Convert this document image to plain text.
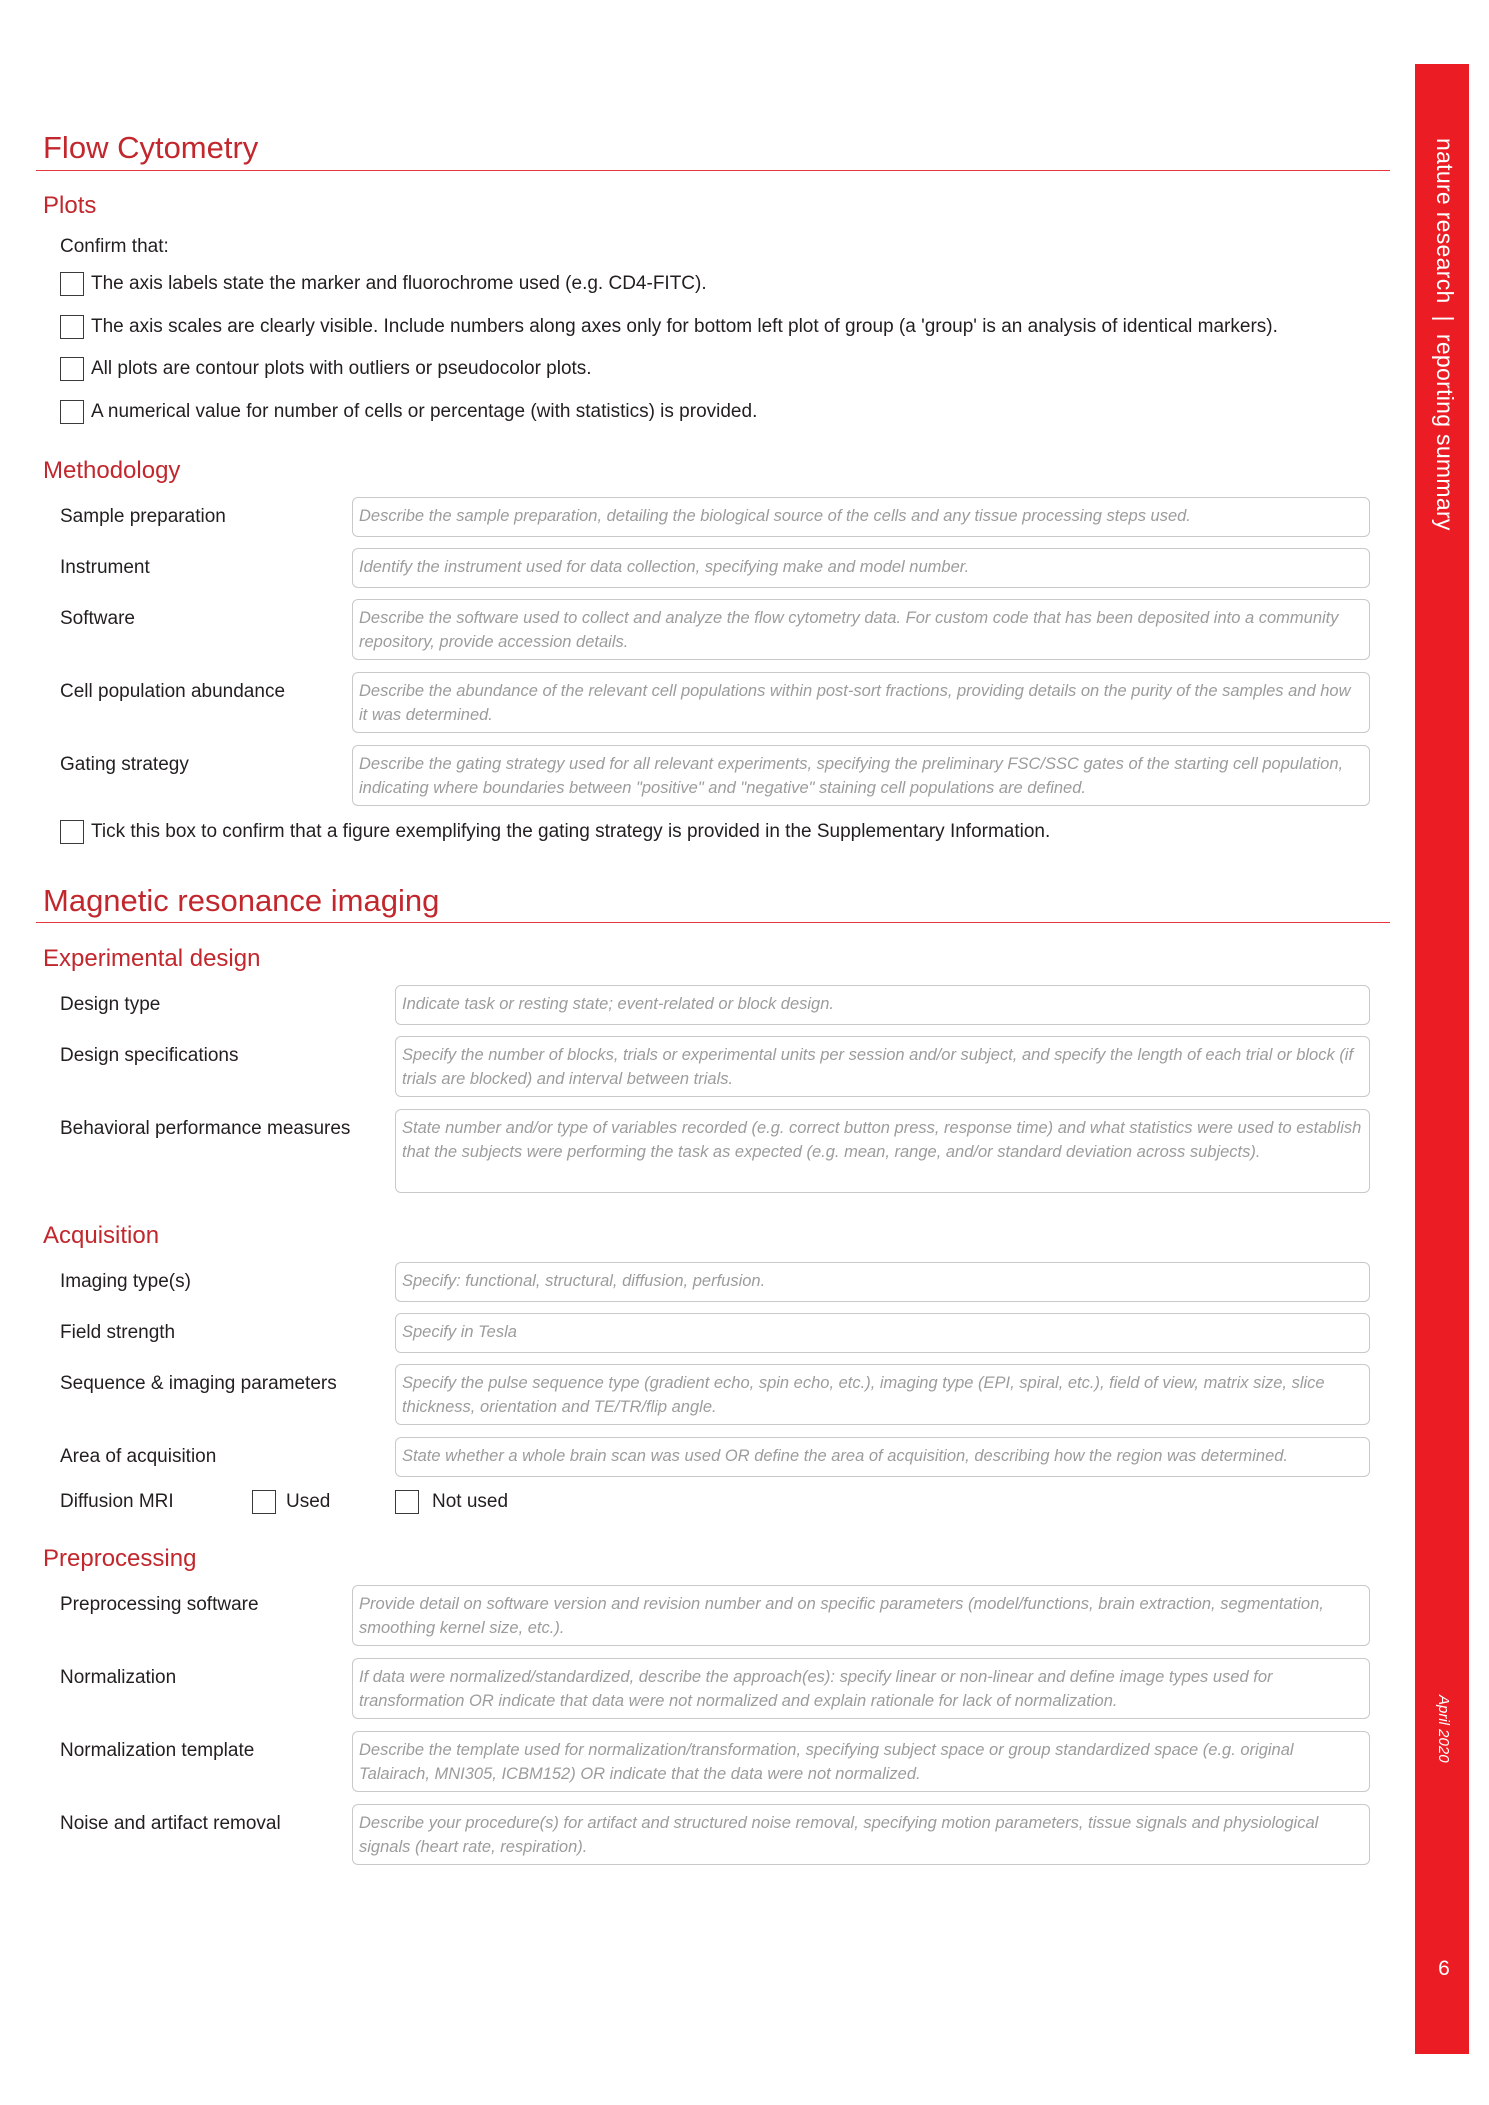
nature research|reporting summary
April 2020
6
Flow Cytometry
Plots
Confirm that:
The axis labels state the marker and fluorochrome used (e.g. CD4-FITC).
The axis scales are clearly visible. Include numbers along axes only for bottom left plot of group (a 'group' is an analysis of identical markers).
All plots are contour plots with outliers or pseudocolor plots.
A numerical value for number of cells or percentage (with statistics) is provided.
Methodology
Sample preparation	Describe the sample preparation, detailing the biological source of the cells and any tissue processing steps used.
Instrument	Identify the instrument used for data collection, specifying make and model number.
Software	Describe the software used to collect and analyze the flow cytometry data. For custom code that has been deposited into a community repository, provide accession details.
Cell population abundance	Describe the abundance of the relevant cell populations within post-sort fractions, providing details on the purity of the samples and how it was determined.
Gating strategy	Describe the gating strategy used for all relevant experiments, specifying the preliminary FSC/SSC gates of the starting cell population, indicating where boundaries between "positive" and "negative" staining cell populations are defined.
Tick this box to confirm that a figure exemplifying the gating strategy is provided in the Supplementary Information.
Magnetic resonance imaging
Experimental design
Design type	Indicate task or resting state; event-related or block design.
Design specifications	Specify the number of blocks, trials or experimental units per session and/or subject, and specify the length of each trial or block (if trials are blocked) and interval between trials.
Behavioral performance measures	State number and/or type of variables recorded (e.g. correct button press, response time) and what statistics were used to establish that the subjects were performing the task as expected (e.g. mean, range, and/or standard deviation across subjects).
Acquisition
Imaging type(s)	Specify: functional, structural, diffusion, perfusion.
Field strength	Specify in Tesla
Sequence & imaging parameters	Specify the pulse sequence type (gradient echo, spin echo, etc.), imaging type (EPI, spiral, etc.), field of view, matrix size, slice thickness, orientation and TE/TR/flip angle.
Area of acquisition	State whether a whole brain scan was used OR define the area of acquisition, describing how the region was determined.
Diffusion MRI	Used	Not used
Preprocessing
Preprocessing software	Provide detail on software version and revision number and on specific parameters (model/functions, brain extraction, segmentation, smoothing kernel size, etc.).
Normalization	If data were normalized/standardized, describe the approach(es): specify linear or non-linear and define image types used for transformation OR indicate that data were not normalized and explain rationale for lack of normalization.
Normalization template	Describe the template used for normalization/transformation, specifying subject space or group standardized space (e.g. original Talairach, MNI305, ICBM152) OR indicate that the data were not normalized.
Noise and artifact removal	Describe your procedure(s) for artifact and structured noise removal, specifying motion parameters, tissue signals and physiological signals (heart rate, respiration).
